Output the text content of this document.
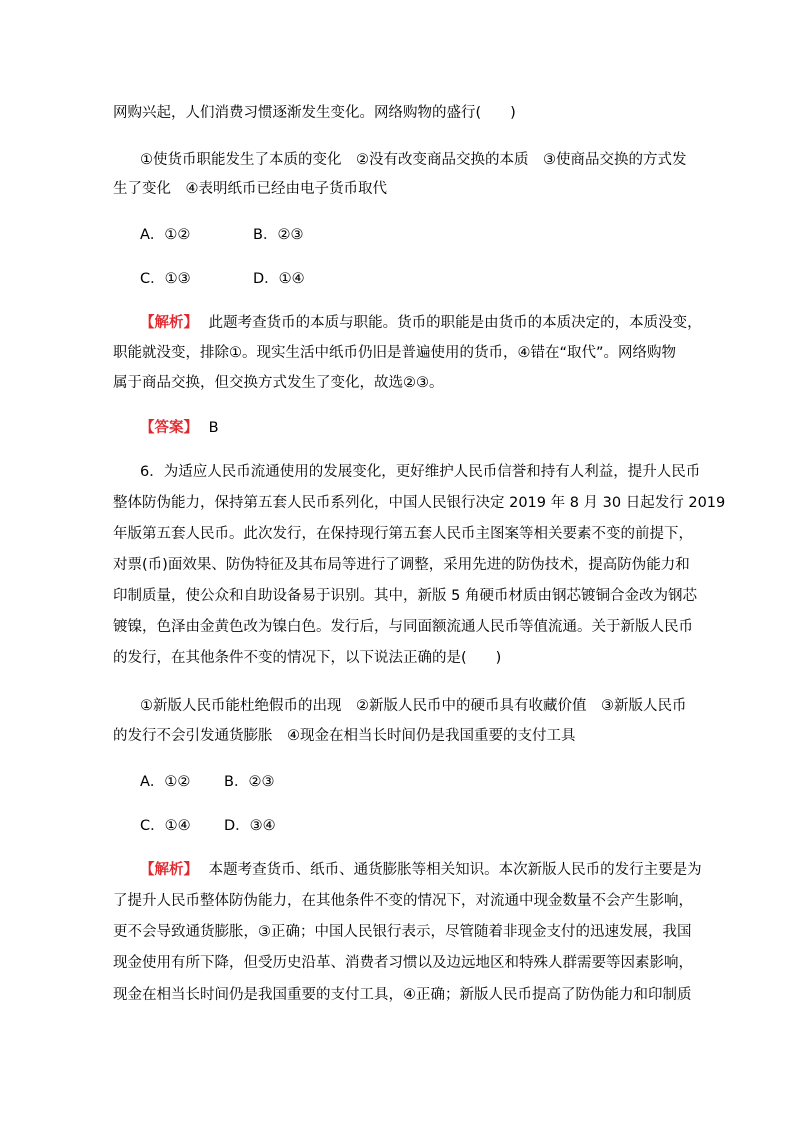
网购兴起，人们消费习惯逐渐发生变化。网络购物的盛行(　　)
①使货币职能发生了本质的变化　②没有改变商品交换的本质　③使商品交换的方式发
生了变化　④表明纸币已经由电子货币取代
A．①②	B．②③
C．①③	D．①④
【解析】 此题考查货币的本质与职能。货币的职能是由货币的本质决定的，本质没变，
职能就没变，排除①。现实生活中纸币仍旧是普遍使用的货币，④错在“取代”。网络购物
属于商品交换，但交换方式发生了变化，故选②③。
【答案】 B
6．为适应人民币流通使用的发展变化，更好维护人民币信誉和持有人利益，提升人民币
整体防伪能力，保持第五套人民币系列化，中国人民银行决定 2019 年 8 月 30 日起发行 2019
年版第五套人民币。此次发行，在保持现行第五套人民币主图案等相关要素不变的前提下，
对票(币)面效果、防伪特征及其布局等进行了调整，采用先进的防伪技术，提高防伪能力和
印制质量，使公众和自助设备易于识别。其中，新版 5 角硬币材质由钢芯镀铜合金改为钢芯
镀镍，色泽由金黄色改为镍白色。发行后，与同面额流通人民币等值流通。关于新版人民币
的发行，在其他条件不变的情况下，以下说法正确的是(　　)
①新版人民币能杜绝假币的出现　②新版人民币中的硬币具有收藏价值　③新版人民币
的发行不会引发通货膨胀　④现金在相当长时间仍是我国重要的支付工具
A．①② B．②③
C．①④ D．③④
【解析】 本题考查货币、纸币、通货膨胀等相关知识。本次新版人民币的发行主要是为
了提升人民币整体防伪能力，在其他条件不变的情况下，对流通中现金数量不会产生影响，
更不会导致通货膨胀，③正确；中国人民银行表示，尽管随着非现金支付的迅速发展，我国
现金使用有所下降，但受历史沿革、消费者习惯以及边远地区和特殊人群需要等因素影响，
现金在相当长时间仍是我国重要的支付工具，④正确；新版人民币提高了防伪能力和印制质
